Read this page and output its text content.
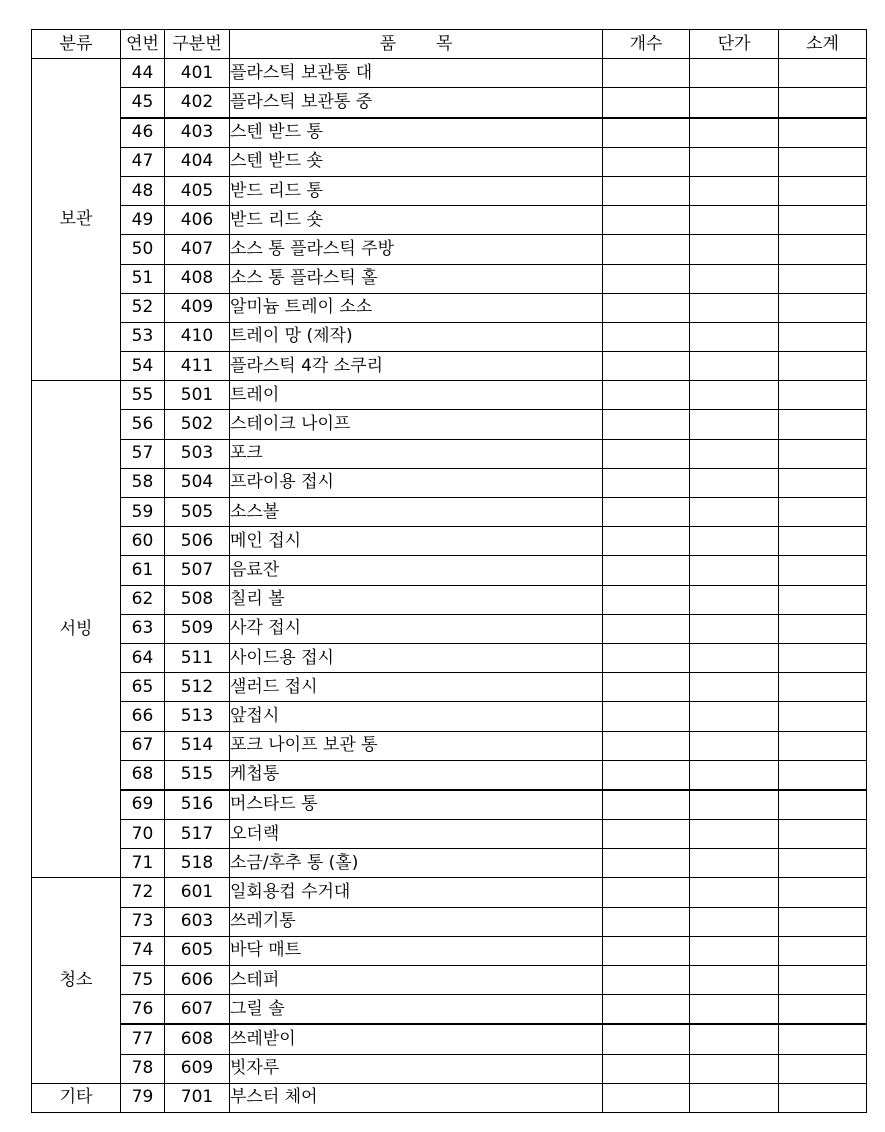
분류	연번	구분번	품 목	개수	단가	소계
보관	44	401	플라스틱 보관통 대			
	45	402	플라스틱 보관통 중			
	46	403	스텐 받드 통			
	47	404	스텐 받드 숏			
	48	405	받드 리드 통			
	49	406	받드 리드 숏			
	50	407	소스 통 플라스틱 주방			
	51	408	소스 통 플라스틱 홀			
	52	409	알미늄 트레이 소소			
	53	410	트레이 망 (제작)			
	54	411	플라스틱 4각 소쿠리			
서빙	55	501	트레이			
	56	502	스테이크 나이프			
	57	503	포크			
	58	504	프라이용 접시			
	59	505	소스볼			
	60	506	메인 접시			
	61	507	음료잔			
	62	508	칠리 볼			
	63	509	사각 접시			
	64	511	사이드용 접시			
	65	512	샐러드 접시			
	66	513	앞접시			
	67	514	포크 나이프 보관 통			
	68	515	케첩통			
	69	516	머스타드 통			
	70	517	오더랙			
	71	518	소금/후추 통 (홀)			
청소	72	601	일회용컵 수거대			
	73	603	쓰레기통			
	74	605	바닥 매트			
	75	606	스테퍼			
	76	607	그릴 솔			
	77	608	쓰레받이			
	78	609	빗자루			
기타	79	701	부스터 체어			
